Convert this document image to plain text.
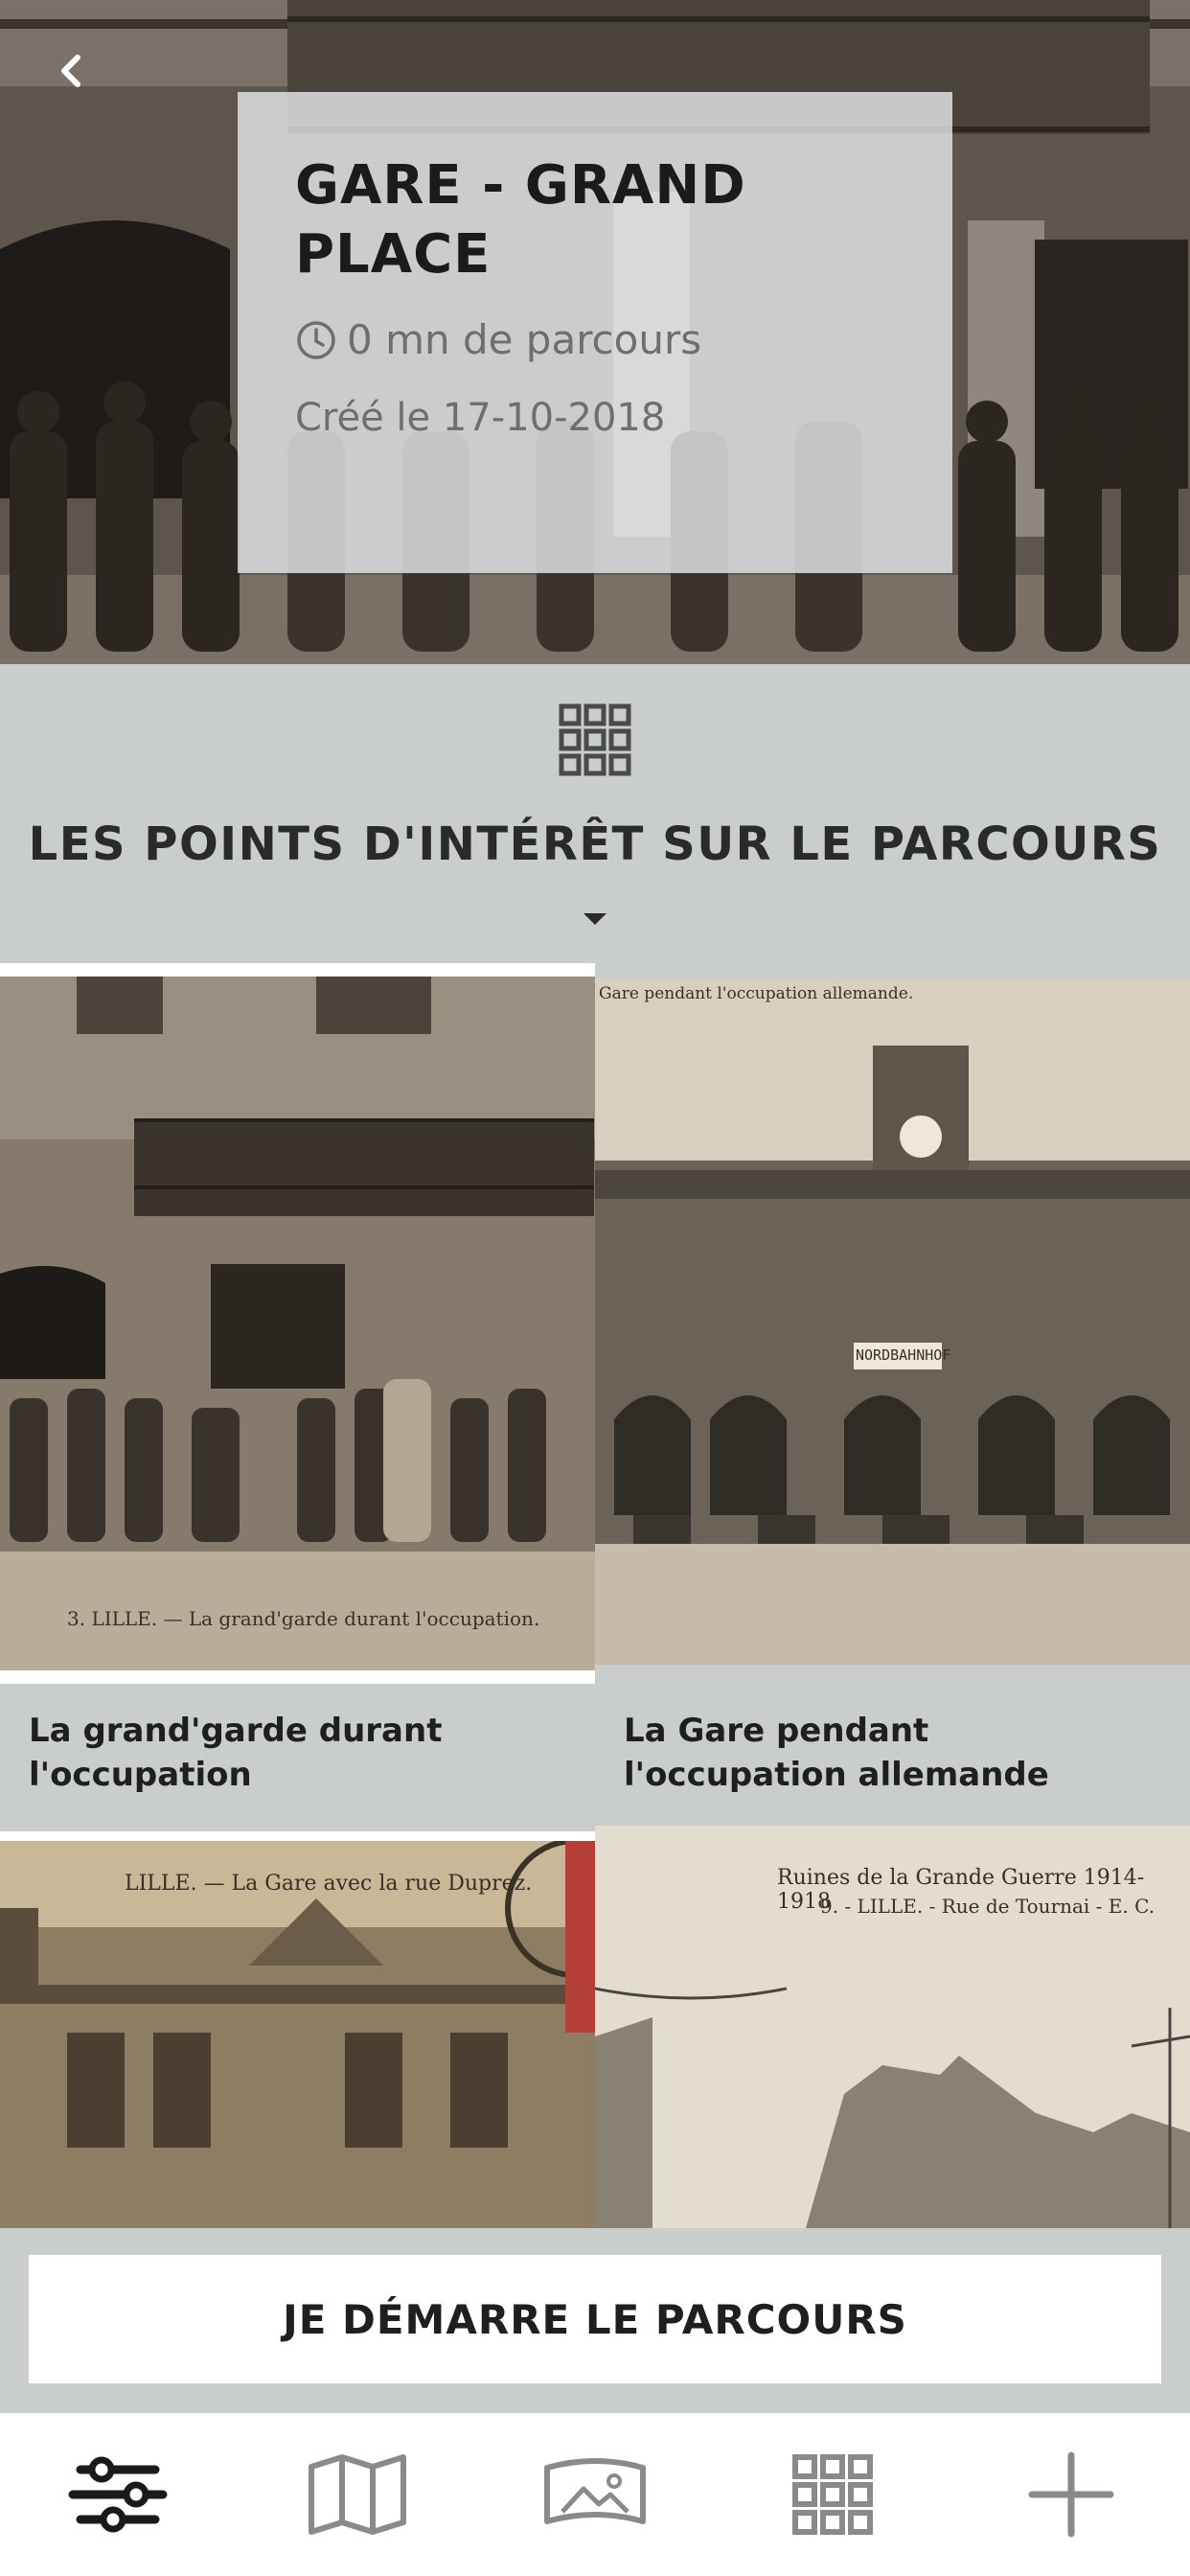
GARE - GRAND PLACE
0 mn de parcours
Créé le 17-10-2018
LES POINTS D'INTÉRÊT SUR LE PARCOURS
3. LILLE. — La grand'garde durant l'occupation.
La grand'garde durant l'occupation
Gare pendant l'occupation allemande.
NORDBAHNHOF
La Gare pendant l'occupation allemande
LILLE. — La Gare avec la rue Duprez.	Ruines de la Grande Guerre 1914-1918
9. - LILLE. - Rue de Tournai - E. C.
JE DÉMARRE LE PARCOURS
